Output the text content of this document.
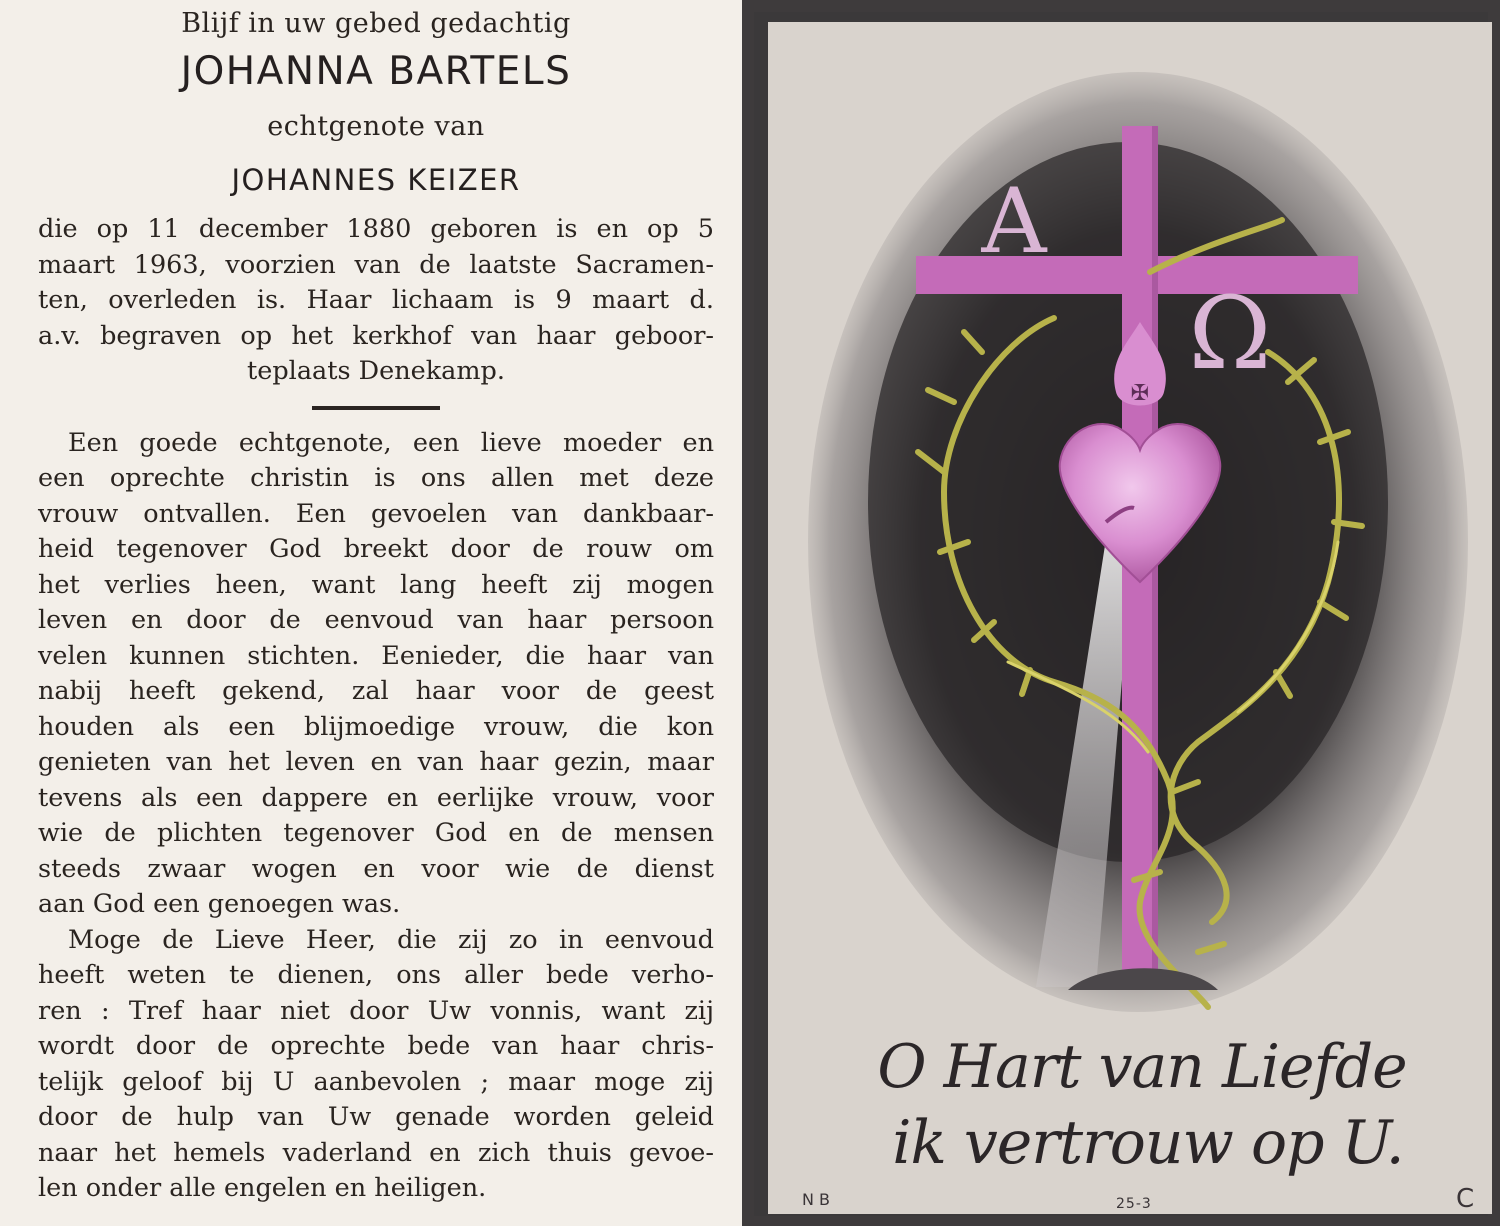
Blijf in uw gebed gedachtig

JOHANNA BARTELS

echtgenote van

JOHANNES KEIZER

die op 11 december 1880 geboren is en op 5
maart 1963, voorzien van de laatste Sacramen-
ten, overleden is. Haar lichaam is 9 maart d.
a.v. begraven op het kerkhof van haar geboor-
teplaats Denekamp.
Een goede echtgenote, een lieve moeder en
een oprechte christin is ons allen met deze
vrouw ontvallen. Een gevoelen van dankbaar-
heid tegenover God breekt door de rouw om
het verlies heen, want lang heeft zij mogen
leven en door de eenvoud van haar persoon
velen kunnen stichten. Eenieder, die haar van
nabij heeft gekend, zal haar voor de geest
houden als een blijmoedige vrouw, die kon
genieten van het leven en van haar gezin, maar
tevens als een dappere en eerlijke vrouw, voor
wie de plichten tegenover God en de mensen
steeds zwaar wogen en voor wie de dienst
aan God een genoegen was.
Moge de Lieve Heer, die zij zo in eenvoud
heeft weten te dienen, ons aller bede verho-
ren : Tref haar niet door Uw vonnis, want zij
wordt door de oprechte bede van haar chris-
telijk geloof bij U aanbevolen ; maar moge zij
door de hulp van Uw genade worden geleid
naar het hemels vaderland en zich thuis gevoe-
len onder alle engelen en heiligen.
A
Ω
✠
O Hart van Liefde
ik vertrouw op U.
N B	25-3	C
